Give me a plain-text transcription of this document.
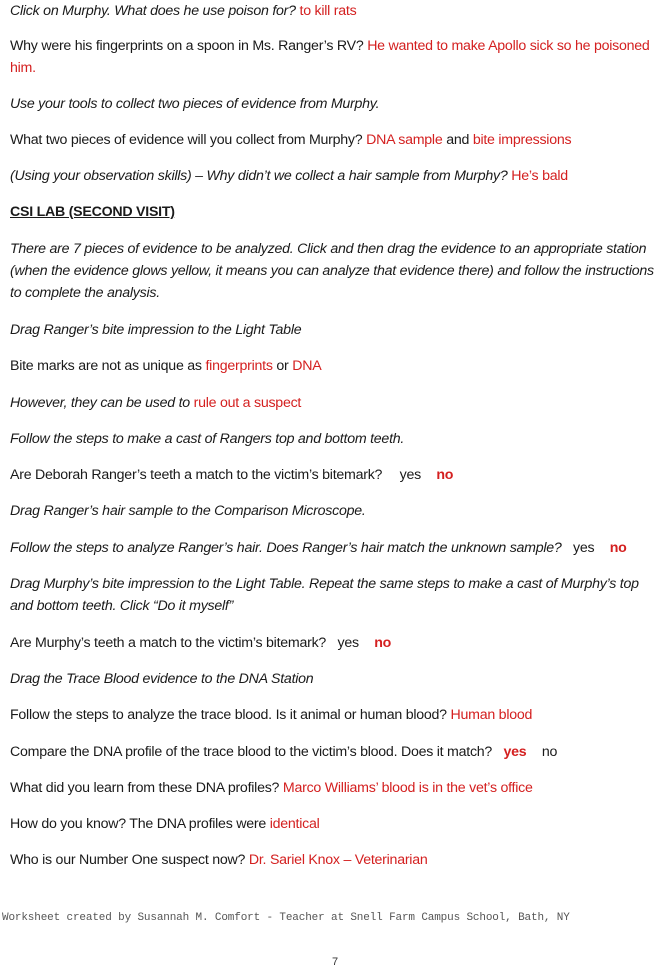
Click on Murphy. What does he use poison for? to kill rats
Why were his fingerprints on a spoon in Ms. Ranger’s RV? He wanted to make Apollo sick so he poisoned him.
Use your tools to collect two pieces of evidence from Murphy.
What two pieces of evidence will you collect from Murphy? DNA sample and bite impressions
(Using your observation skills) – Why didn’t we collect a hair sample from Murphy? He’s bald
CSI LAB (SECOND VISIT)
There are 7 pieces of evidence to be analyzed. Click and then drag the evidence to an appropriate station (when the evidence glows yellow, it means you can analyze that evidence there) and follow the instructions to complete the analysis.
Drag Ranger’s bite impression to the Light Table
Bite marks are not as unique as fingerprints or DNA
However, they can be used to rule out a suspect
Follow the steps to make a cast of Rangers top and bottom teeth.
Are Deborah Ranger’s teeth a match to the victim’s bitemark? yes no
Drag Ranger’s hair sample to the Comparison Microscope.
Follow the steps to analyze Ranger’s hair. Does Ranger’s hair match the unknown sample? yes no
Drag Murphy’s bite impression to the Light Table. Repeat the same steps to make a cast of Murphy’s top and bottom teeth. Click “Do it myself”
Are Murphy’s teeth a match to the victim’s bitemark? yes no
Drag the Trace Blood evidence to the DNA Station
Follow the steps to analyze the trace blood. Is it animal or human blood? Human blood
Compare the DNA profile of the trace blood to the victim’s blood. Does it match? yes no
What did you learn from these DNA profiles? Marco Williams’ blood is in the vet’s office
How do you know? The DNA profiles were identical
Who is our Number One suspect now? Dr. Sariel Knox – Veterinarian
Worksheet created by Susannah M. Comfort - Teacher at Snell Farm Campus School, Bath, NY
7
